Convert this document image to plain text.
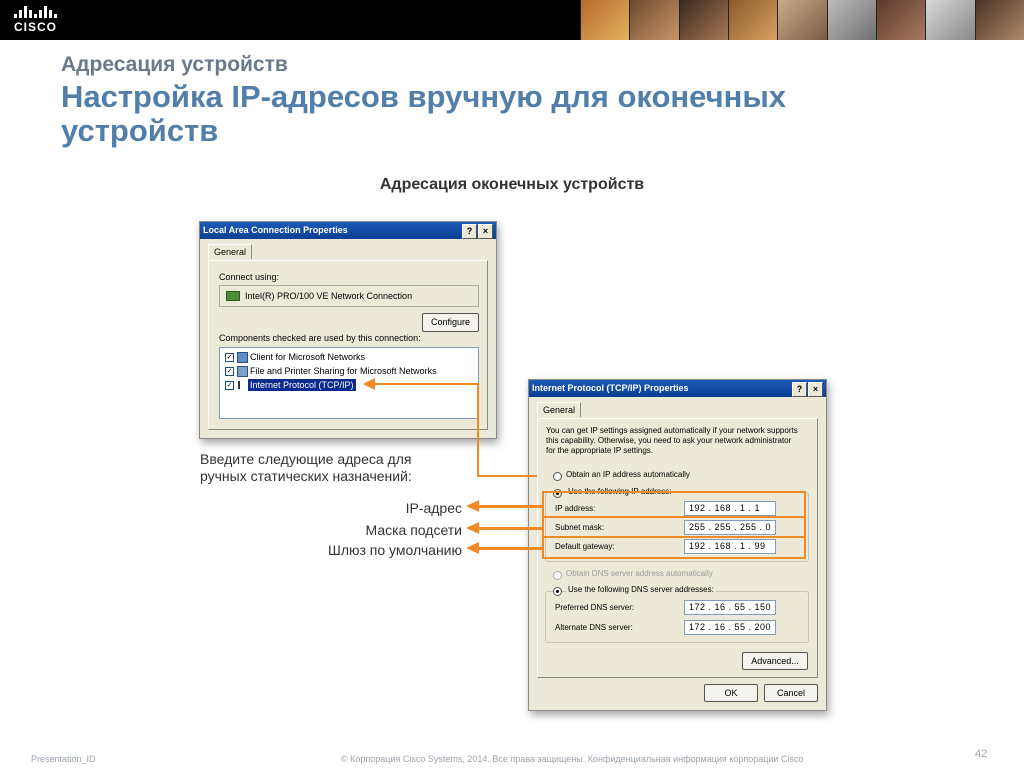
CISCO
Адресация устройств
Настройка IP-адресов вручную для оконечных устройств
Адресация оконечных устройств
Local Area Connection Properties	?	×
General
Connect using:
Intel(R) PRO/100 VE Network Connection
Configure
Components checked are used by this connection:
✓ Client for Microsoft Networks
✓ File and Printer Sharing for Microsoft Networks
✓ Internet Protocol (TCP/IP)	Internet Protocol (TCP/IP) Properties	?	×
General
You can get IP settings assigned automatically if your network supports this capability. Otherwise, you need to ask your network administrator for the appropriate IP settings.
Obtain an IP address automatically
Use the following IP address:
IP address:	192 . 168 . 1 . 1
Subnet mask:	255 . 255 . 255 . 0
Default gateway:	192 . 168 . 1 . 99
Obtain DNS server address automatically
Use the following DNS server addresses:
Preferred DNS server:	172 . 16 . 55 . 150
Alternate DNS server:	172 . 16 . 55 . 200
Advanced...
OK	Cancel
Введите следующие адреса для ручных статических назначений:
IP-адрес
Маска подсети
Шлюз по умолчанию
Presentation_ID	© Корпорация Cisco Systems, 2014. Все права защищены. Конфиденциальная информация корпорации Cisco	42
